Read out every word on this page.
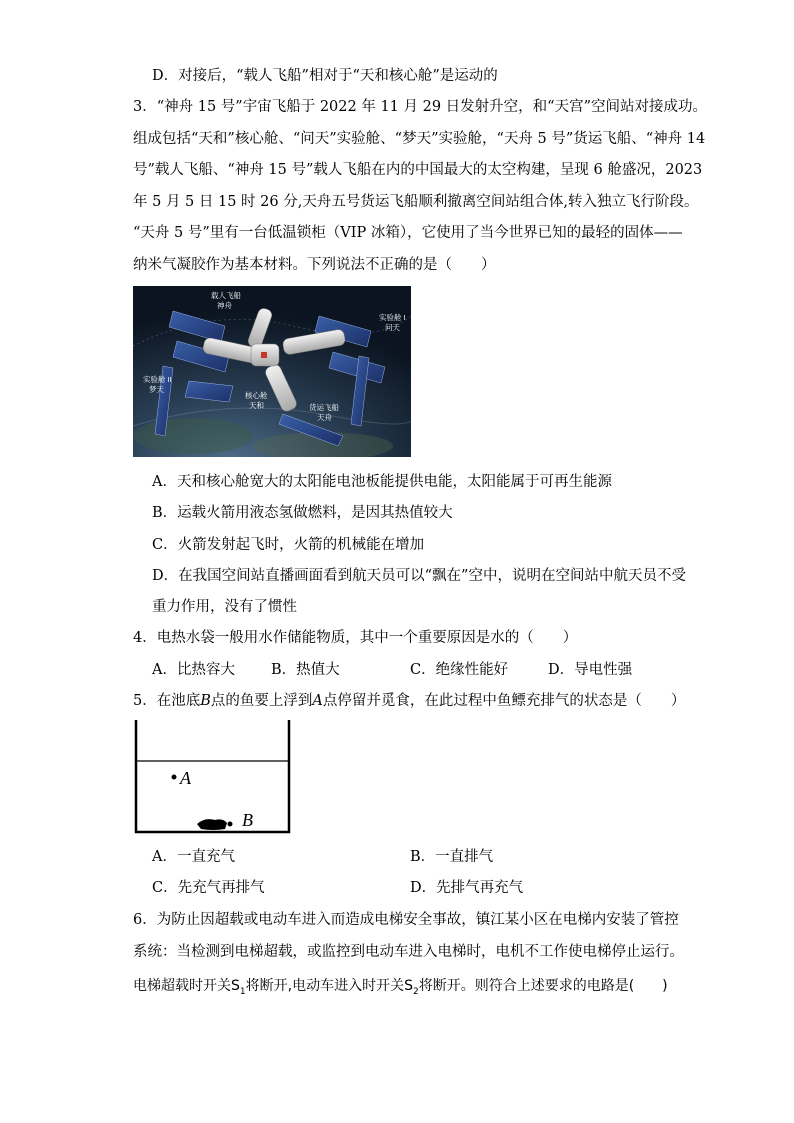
D．对接后，“载人飞船”相对于“天和核心舱”是运动的
3．“神舟 15 号”宇宙飞船于 2022 年 11 月 29 日发射升空，和“天宫”空间站对接成功。
组成包括“天和”核心舱、“问天”实验舱、“梦天”实验舱，“天舟 5 号”货运飞船、“神舟 14
号”载人飞船、“神舟 15 号”载人飞船在内的中国最大的太空构建，呈现 6 舱盛况，2023
年 5 月 5 日 15 时 26 分,天舟五号货运飞船顺利撤离空间站组合体,转入独立飞行阶段。
“天舟 5 号”里有一台低温锁柜（VIP 冰箱），它使用了当今世界已知的最轻的固体——
纳米气凝胶作为基本材料。下列说法不正确的是（　　）
载人飞船
神舟
实验舱 I
问天
实验舱 II
梦天
核心舱
天和	货运飞船
天舟
A．天和核心舱宽大的太阳能电池板能提供电能，太阳能属于可再生能源
B．运载火箭用液态氢做燃料，是因其热值较大
C．火箭发射起飞时，火箭的机械能在增加
D．在我国空间站直播画面看到航天员可以“飘在”空中，说明在空间站中航天员不受
重力作用，没有了惯性
4．电热水袋一般用水作储能物质，其中一个重要原因是水的（　　）
A．比热容大 B．热值大	C．绝缘性能好	D．导电性强
5．在池底B点的鱼要上浮到A点停留并觅食，在此过程中鱼鳔充排气的状态是（　　）
A
B
A．一直充气	B．一直排气
C．先充气再排气	D．先排气再充气
6．为防止因超载或电动车进入而造成电梯安全事故，镇江某小区在电梯内安装了管控
系统：当检测到电梯超载，或监控到电动车进入电梯时，电机不工作使电梯停止运行。
电梯超载时开关$S_1$将断开,电动车进入时开关$S_2$将断开。则符合上述要求的电路是(　　)
